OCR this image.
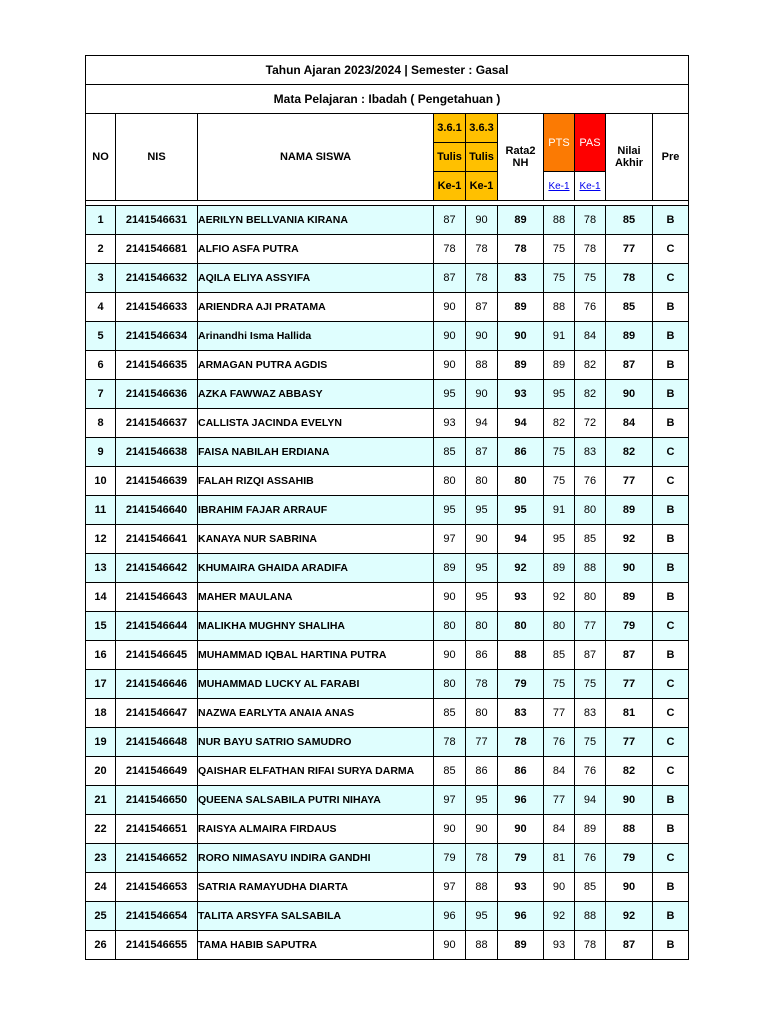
Tahun Ajaran 2023/2024 | Semester : Gasal									
Mata Pelajaran : Ibadah ( Pengetahuan )									
NO	NIS	NAMA SISWA	3.6.1	3.6.3	Rata2 NH	PTS	PAS	Nilai Akhir	Pre
			Tulis	Tulis					
			Ke-1	Ke-1		Ke-1	Ke-1		

1	2141546631	AERILYN BELLVANIA KIRANA	87	90	89	88	78	85	B
2	2141546681	ALFIO ASFA PUTRA	78	78	78	75	78	77	C
3	2141546632	AQILA ELIYA ASSYIFA	87	78	83	75	75	78	C
4	2141546633	ARIENDRA AJI PRATAMA	90	87	89	88	76	85	B
5	2141546634	Arinandhi Isma Hallida	90	90	90	91	84	89	B
6	2141546635	ARMAGAN PUTRA AGDIS	90	88	89	89	82	87	B
7	2141546636	AZKA FAWWAZ ABBASY	95	90	93	95	82	90	B
8	2141546637	CALLISTA JACINDA EVELYN	93	94	94	82	72	84	B
9	2141546638	FAISA NABILAH ERDIANA	85	87	86	75	83	82	C
10	2141546639	FALAH RIZQI ASSAHIB	80	80	80	75	76	77	C
11	2141546640	IBRAHIM FAJAR ARRAUF	95	95	95	91	80	89	B
12	2141546641	KANAYA NUR SABRINA	97	90	94	95	85	92	B
13	2141546642	KHUMAIRA GHAIDA ARADIFA	89	95	92	89	88	90	B
14	2141546643	MAHER MAULANA	90	95	93	92	80	89	B
15	2141546644	MALIKHA MUGHNY SHALIHA	80	80	80	80	77	79	C
16	2141546645	MUHAMMAD IQBAL HARTINA PUTRA	90	86	88	85	87	87	B
17	2141546646	MUHAMMAD LUCKY AL FARABI	80	78	79	75	75	77	C
18	2141546647	NAZWA EARLYTA ANAIA ANAS	85	80	83	77	83	81	C
19	2141546648	NUR BAYU SATRIO SAMUDRO	78	77	78	76	75	77	C
20	2141546649	QAISHAR ELFATHAN RIFAI SURYA DARMA	85	86	86	84	76	82	C
21	2141546650	QUEENA SALSABILA PUTRI NIHAYA	97	95	96	77	94	90	B
22	2141546651	RAISYA ALMAIRA FIRDAUS	90	90	90	84	89	88	B
23	2141546652	RORO NIMASAYU INDIRA GANDHI	79	78	79	81	76	79	C
24	2141546653	SATRIA RAMAYUDHA DIARTA	97	88	93	90	85	90	B
25	2141546654	TALITA ARSYFA SALSABILA	96	95	96	92	88	92	B
26	2141546655	TAMA HABIB SAPUTRA	90	88	89	93	78	87	B
